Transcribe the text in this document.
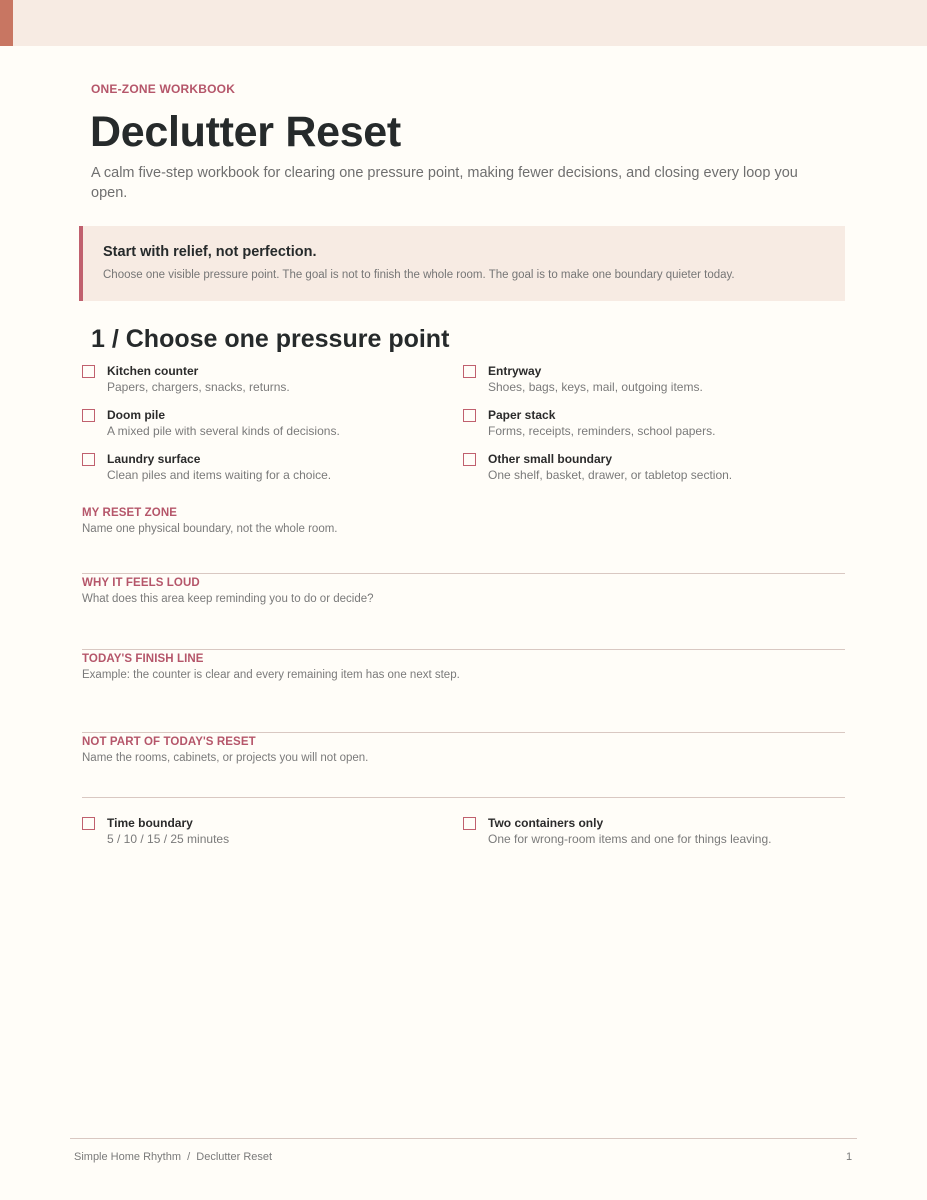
ONE-ZONE WORKBOOK
Declutter Reset
A calm five-step workbook for clearing one pressure point, making fewer decisions, and closing every loop you open.
Start with relief, not perfection.
Choose one visible pressure point. The goal is not to finish the whole room. The goal is to make one boundary quieter today.
1 / Choose one pressure point
Kitchen counter
Papers, chargers, snacks, returns.
Entryway
Shoes, bags, keys, mail, outgoing items.
Doom pile
A mixed pile with several kinds of decisions.
Paper stack
Forms, receipts, reminders, school papers.
Laundry surface
Clean piles and items waiting for a choice.
Other small boundary
One shelf, basket, drawer, or tabletop section.
MY RESET ZONE
Name one physical boundary, not the whole room.
WHY IT FEELS LOUD
What does this area keep reminding you to do or decide?
TODAY'S FINISH LINE
Example: the counter is clear and every remaining item has one next step.
NOT PART OF TODAY'S RESET
Name the rooms, cabinets, or projects you will not open.
Time boundary
5 / 10 / 15 / 25 minutes
Two containers only
One for wrong-room items and one for things leaving.
Simple Home Rhythm  /  Declutter Reset	1
